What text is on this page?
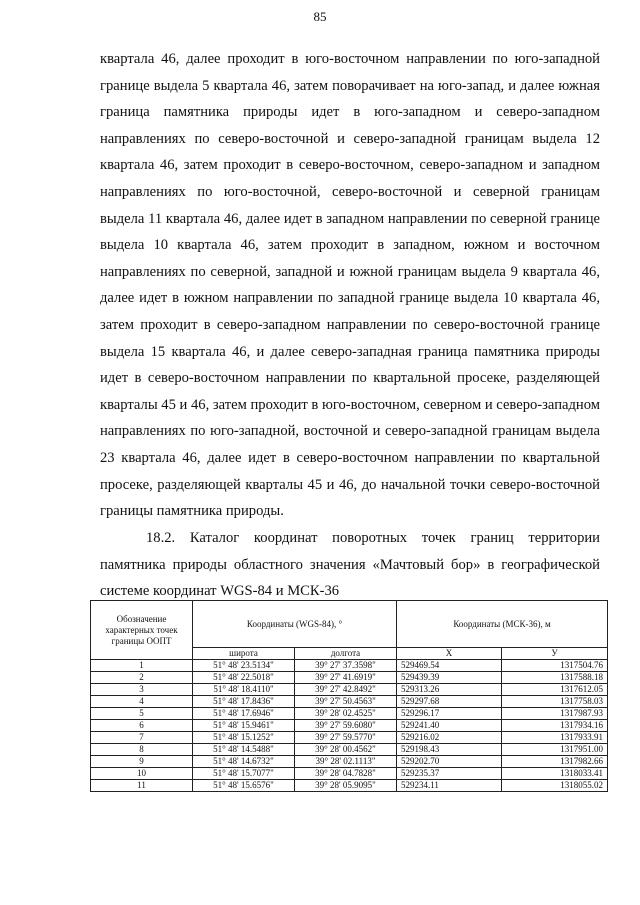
85

квартала 46, далее проходит в юго-восточном направлении по юго-западной границе выдела 5 квартала 46, затем поворачивает на юго-запад, и далее южная граница памятника природы идет в юго-западном и северо-западном направлениях по северо-восточной и северо-западной границам выдела 12 квартала 46, затем проходит в северо-восточном, северо-западном и западном направлениях по юго-восточной, северо-восточной и северной границам выдела 11 квартала 46, далее идет в западном направлении по северной границе выдела 10 квартала 46, затем проходит в западном, южном и восточном направлениях по северной, западной и южной границам выдела 9 квартала 46, далее идет в южном направлении по западной границе выдела 10 квартала 46, затем проходит в северо-западном направлении по северо-восточной границе выдела 15 квартала 46, и далее северо-западная граница памятника природы идет в северо-восточном направлении по квартальной просеке, разделяющей кварталы 45 и 46, затем проходит в юго-восточном, северном и северо-западном направлениях по юго-западной, восточной и северо-западной границам выдела 23 квартала 46, далее идет в северо-восточном направлении по квартальной просеке, разделяющей кварталы 45 и 46, до начальной точки северо-восточной границы памятника природы.

18.2. Каталог координат поворотных точек границ территории памятника природы областного значения «Мачтовый бор» в географической системе координат WGS-84 и МСК-36
Обозначение характерных точек границы ООПТ	Координаты (WGS-84), °		Координаты (МСК-36), м	
	широта	долгота	X	У
1	51° 48' 23.5134"	39° 27' 37.3598"	529469.54	1317504.76
2	51° 48' 22.5018"	39° 27' 41.6919"	529439.39	1317588.18
3	51° 48' 18.4110"	39° 27' 42.8492"	529313.26	1317612.05
4	51° 48' 17.8436"	39° 27' 50.4563"	529297.68	1317758.03
5	51° 48' 17.6946"	39° 28' 02.4525"	529296.17	1317987.93
6	51° 48' 15.9461"	39° 27' 59.6080"	529241.40	1317934.16
7	51° 48' 15.1252"	39° 27' 59.5770"	529216.02	1317933.91
8	51° 48' 14.5488"	39° 28' 00.4562"	529198.43	1317951.00
9	51° 48' 14.6732"	39° 28' 02.1113"	529202.70	1317982.66
10	51° 48' 15.7077"	39° 28' 04.7828"	529235.37	1318033.41
11	51° 48' 15.6576"	39° 28' 05.9095"	529234.11	1318055.02
